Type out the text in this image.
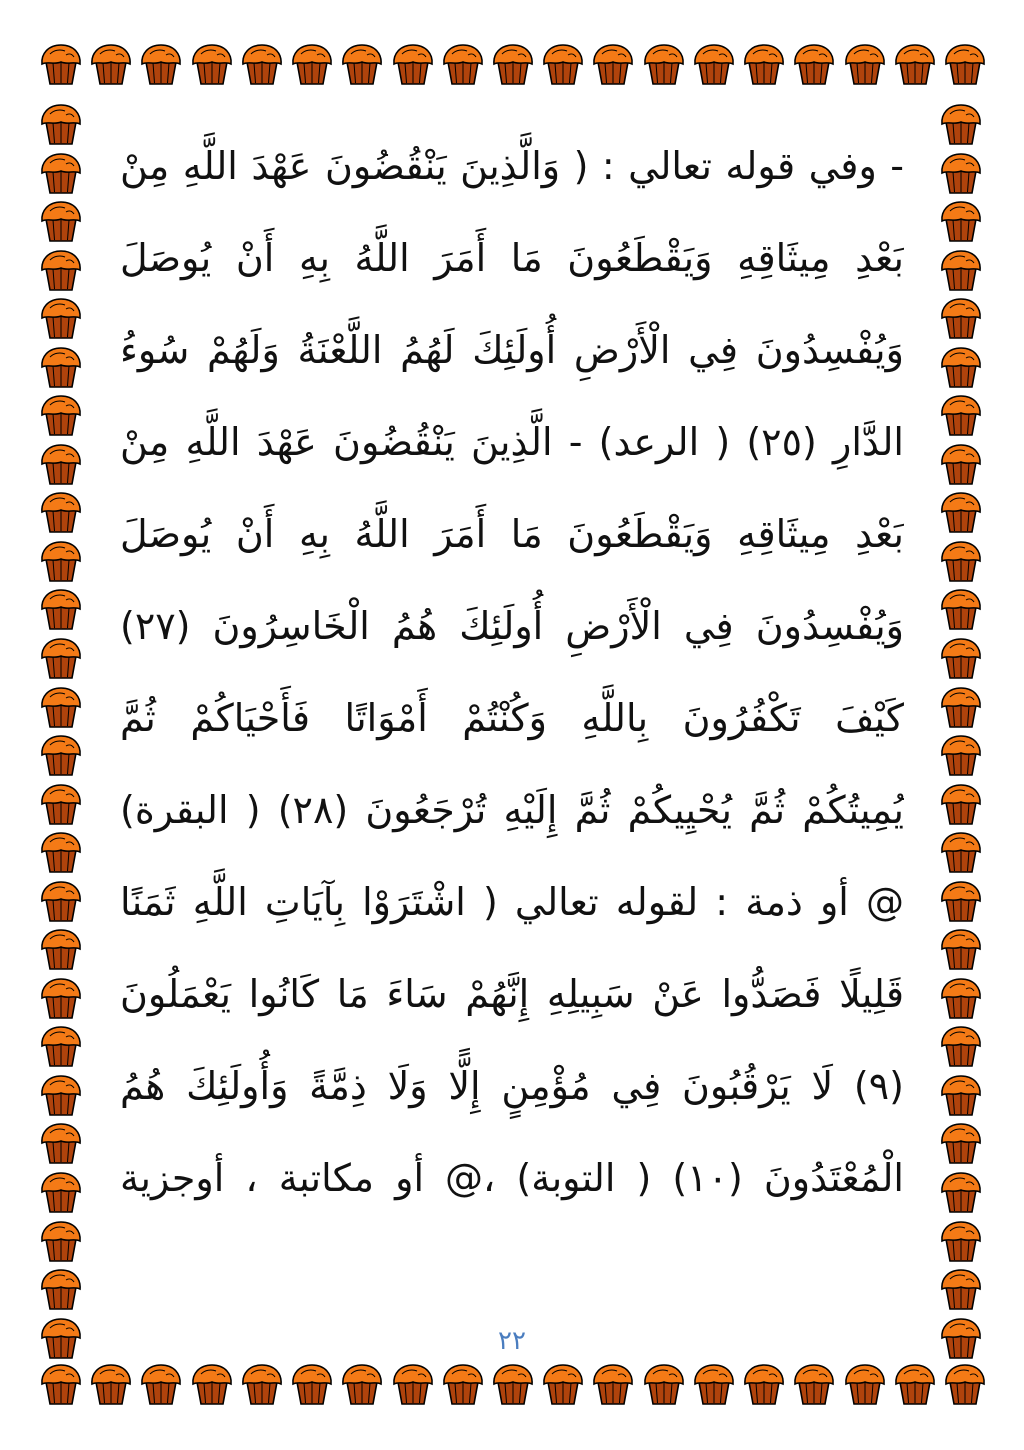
- وفي قوله تعالي : ( وَالَّذِينَ يَنْقُضُونَ عَهْدَ اللَّهِ مِنْ
بَعْدِ مِيثَاقِهِ وَيَقْطَعُونَ مَا أَمَرَ اللَّهُ بِهِ أَنْ يُوصَلَ
وَيُفْسِدُونَ فِي الْأَرْضِ أُولَئِكَ لَهُمُ اللَّعْنَةُ وَلَهُمْ سُوءُ
الدَّارِ (٢٥) ( الرعد) - الَّذِينَ يَنْقُضُونَ عَهْدَ اللَّهِ مِنْ
بَعْدِ مِيثَاقِهِ وَيَقْطَعُونَ مَا أَمَرَ اللَّهُ بِهِ أَنْ يُوصَلَ
وَيُفْسِدُونَ فِي الْأَرْضِ أُولَئِكَ هُمُ الْخَاسِرُونَ (٢٧)
كَيْفَ تَكْفُرُونَ بِاللَّهِ وَكُنْتُمْ أَمْوَاتًا فَأَحْيَاكُمْ ثُمَّ
يُمِيتُكُمْ ثُمَّ يُحْيِيكُمْ ثُمَّ إِلَيْهِ تُرْجَعُونَ (٢٨) ( البقرة)
@ أو ذمة : لقوله تعالي ( اشْتَرَوْا بِآيَاتِ اللَّهِ ثَمَنًا
قَلِيلًا فَصَدُّوا عَنْ سَبِيلِهِ إِنَّهُمْ سَاءَ مَا كَانُوا يَعْمَلُونَ
(٩) لَا يَرْقُبُونَ فِي مُؤْمِنٍ إِلًّا وَلَا ذِمَّةً وَأُولَئِكَ هُمُ
الْمُعْتَدُونَ (١٠) ( التوبة) ،@ أو مكاتبة ، أوجزية
٢٢
